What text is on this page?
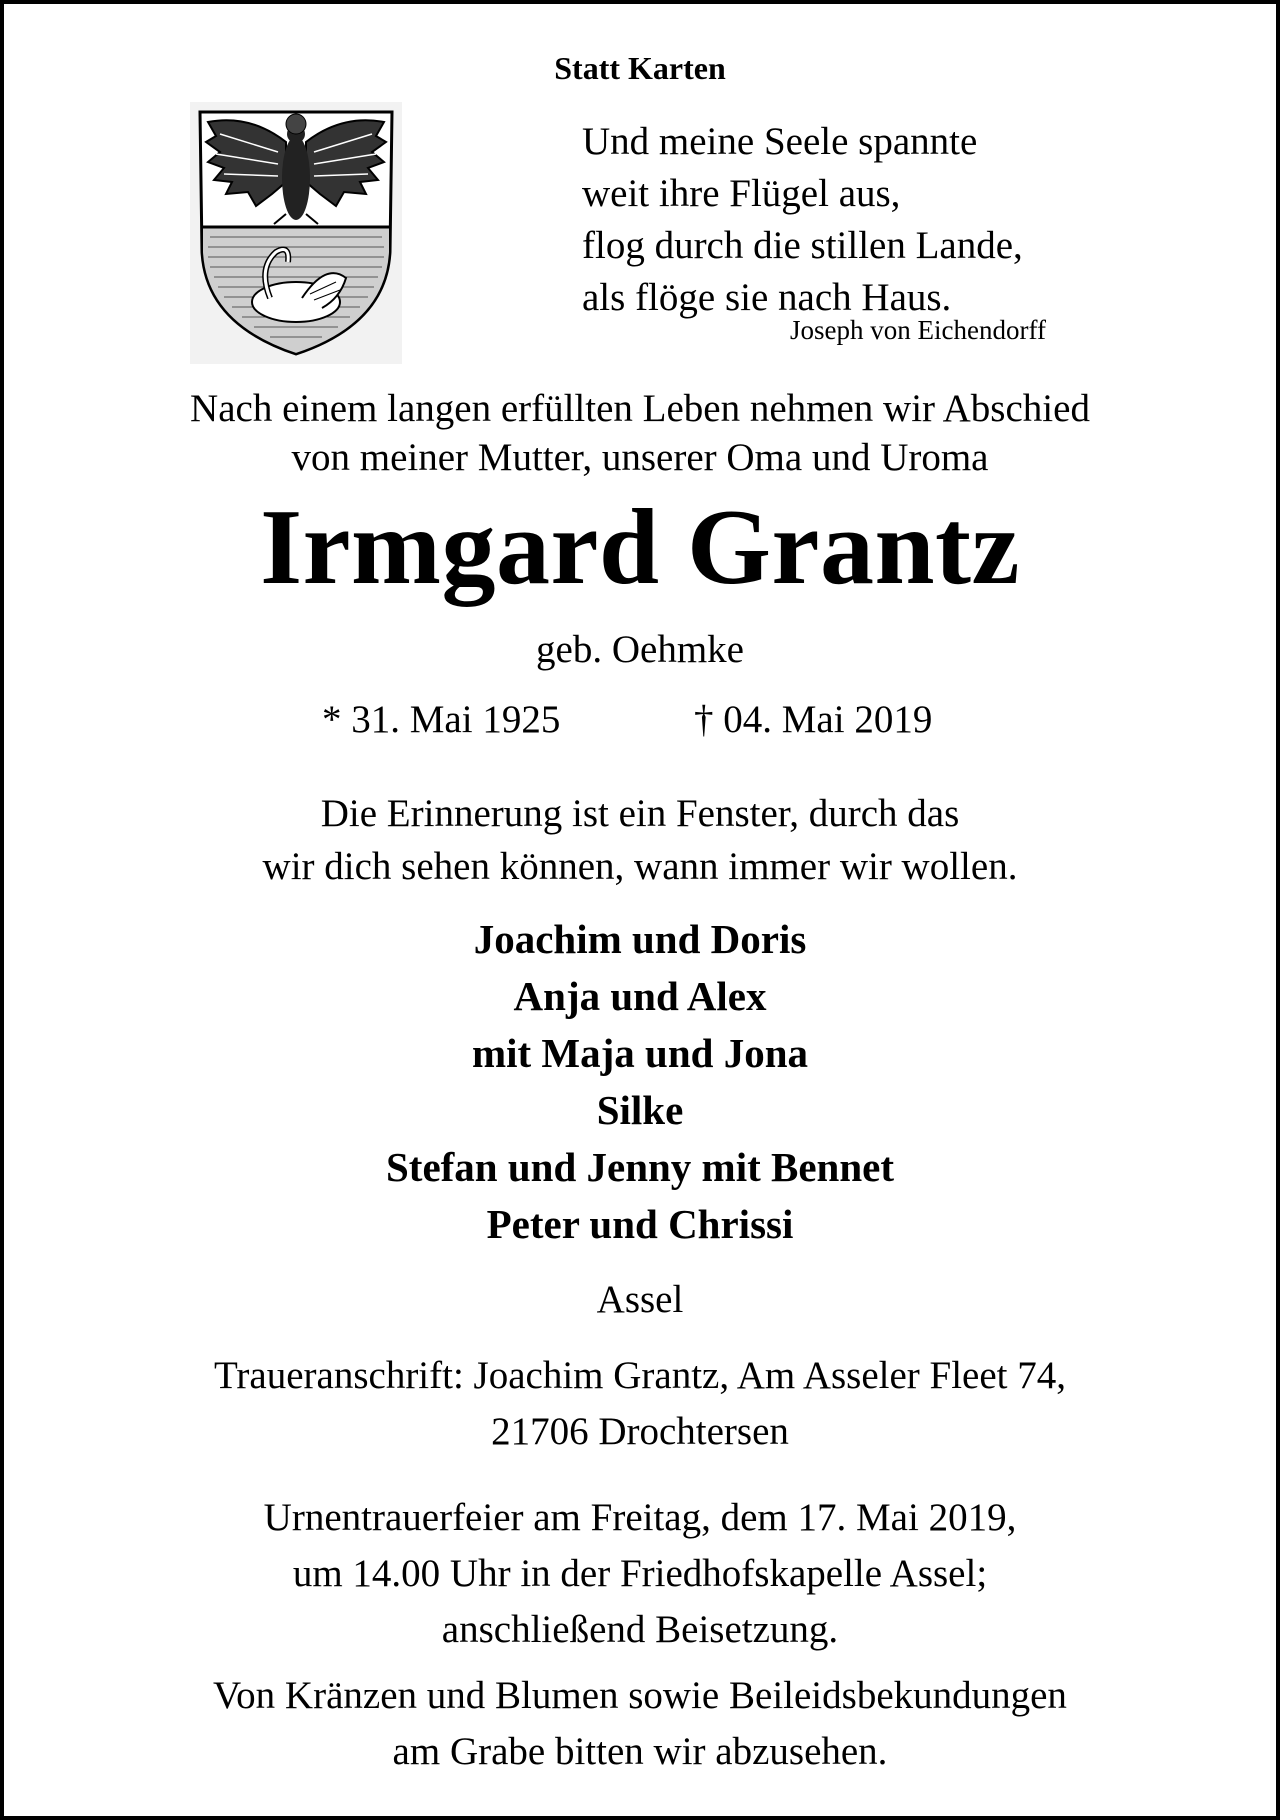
Statt Karten
Und meine Seele spannte
weit ihre Flügel aus,
flog durch die stillen Lande,
als flöge sie nach Haus.
Joseph von Eichendorff
Nach einem langen erfüllten Leben nehmen wir Abschied
von meiner Mutter, unserer Oma und Uroma
Irmgard Grantz
geb. Oehmke
* 31. Mai 1925	† 04. Mai 2019
Die Erinnerung ist ein Fenster, durch das
wir dich sehen können, wann immer wir wollen.
Joachim und Doris
Anja und Alex
mit Maja und Jona
Silke
Stefan und Jenny mit Bennet
Peter und Chrissi
Assel
Traueranschrift: Joachim Grantz, Am Asseler Fleet 74,
21706 Drochtersen
Urnentrauerfeier am Freitag, dem 17. Mai 2019,
um 14.00 Uhr in der Friedhofskapelle Assel;
anschließend Beisetzung.
Von Kränzen und Blumen sowie Beileidsbekundungen
am Grabe bitten wir abzusehen.
